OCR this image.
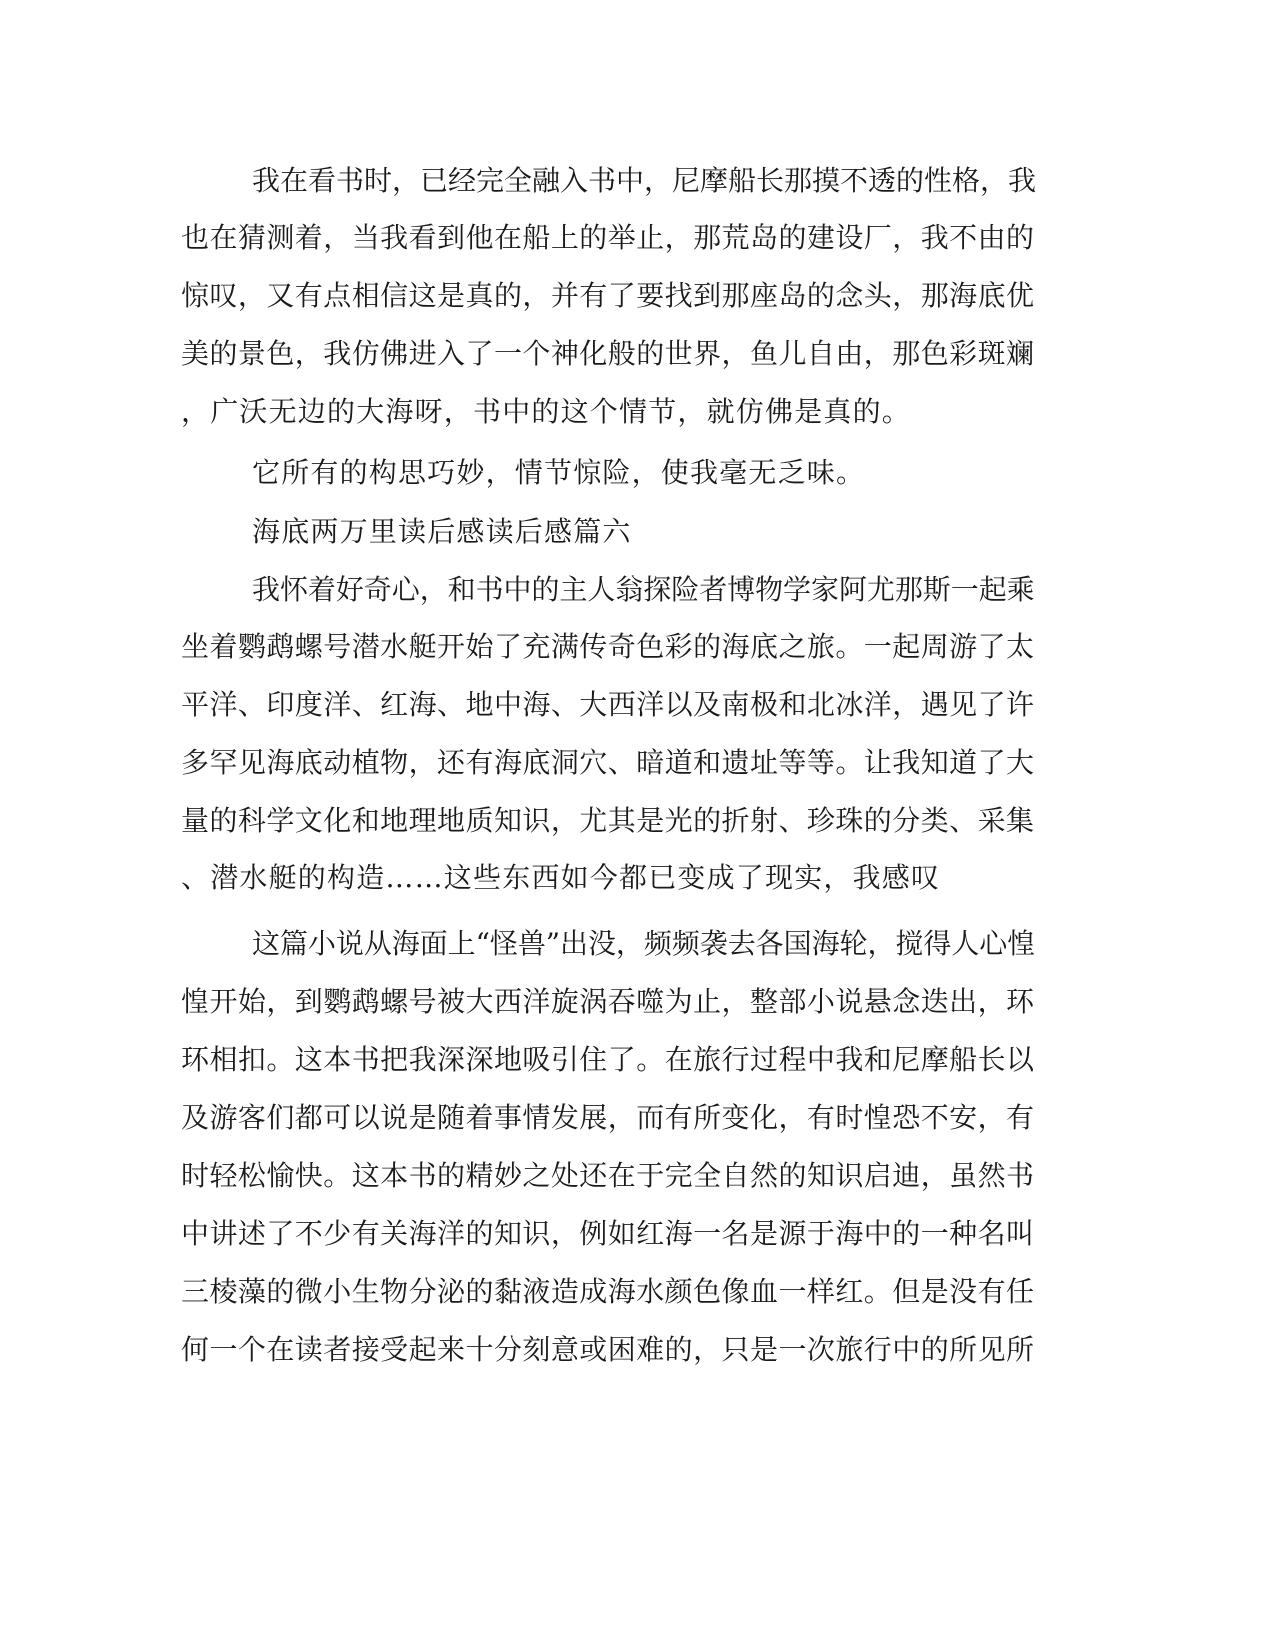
我在看书时，已经完全融入书中，尼摩船长那摸不透的性格，我

也在猜测着，当我看到他在船上的举止，那荒岛的建设厂，我不由的

惊叹，又有点相信这是真的，并有了要找到那座岛的念头，那海底优

美的景色，我仿佛进入了一个神化般的世界，鱼儿自由，那色彩斑斓

，广沃无边的大海呀，书中的这个情节，就仿佛是真的。

它所有的构思巧妙，情节惊险，使我毫无乏味。

海底两万里读后感读后感篇六

我怀着好奇心，和书中的主人翁探险者博物学家阿尤那斯一起乘

坐着鹦鹉螺号潜水艇开始了充满传奇色彩的海底之旅。一起周游了太

平洋、印度洋、红海、地中海、大西洋以及南极和北冰洋，遇见了许

多罕见海底动植物，还有海底洞穴、暗道和遗址等等。让我知道了大

量的科学文化和地理地质知识，尤其是光的折射、珍珠的分类、采集

、潜水艇的构造……这些东西如今都已变成了现实，我感叹

这篇小说从海面上“怪兽”出没，频频袭去各国海轮，搅得人心惶

惶开始，到鹦鹉螺号被大西洋旋涡吞噬为止，整部小说悬念迭出，环

环相扣。这本书把我深深地吸引住了。在旅行过程中我和尼摩船长以

及游客们都可以说是随着事情发展，而有所变化，有时惶恐不安，有

时轻松愉快。这本书的精妙之处还在于完全自然的知识启迪，虽然书

中讲述了不少有关海洋的知识，例如红海一名是源于海中的一种名叫

三棱藻的微小生物分泌的黏液造成海水颜色像血一样红。但是没有任

何一个在读者接受起来十分刻意或困难的，只是一次旅行中的所见所
